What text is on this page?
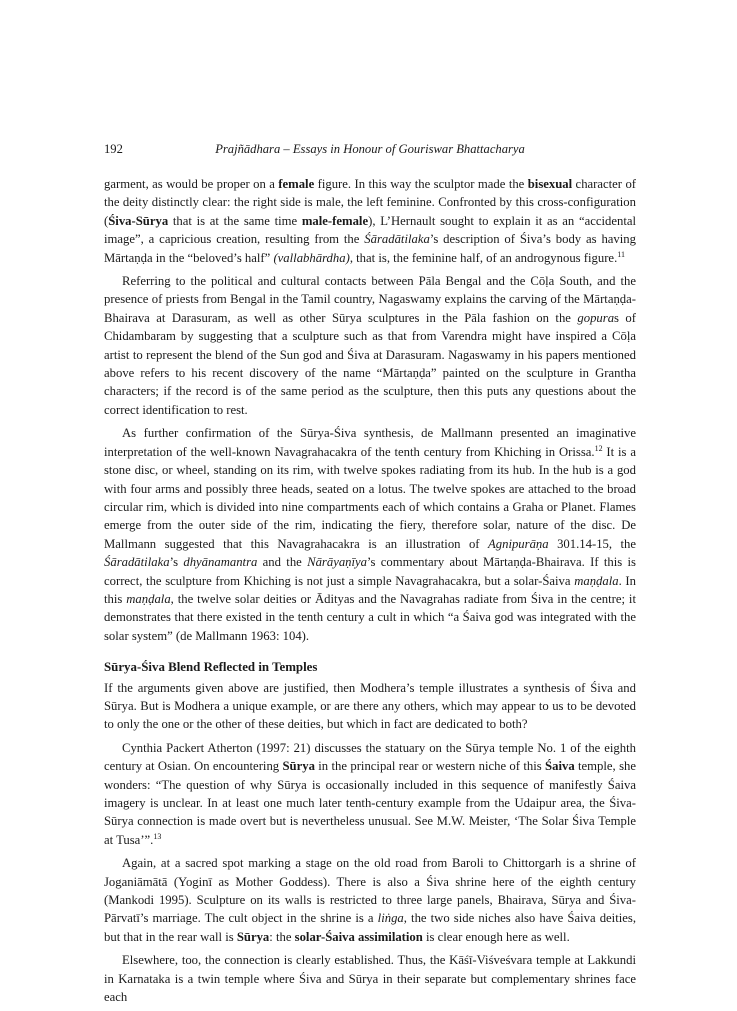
192	Prajñādhara – Essays in Honour of Gouriswar Bhattacharya

garment, as would be proper on a female figure. In this way the sculptor made the bisexual character of the deity distinctly clear: the right side is male, the left feminine. Confronted by this cross-configuration (Śiva-Sūrya that is at the same time male-female), L’Hernault sought to explain it as an “accidental image”, a capricious creation, resulting from the Śāradātilaka’s description of Śiva’s body as having Mārtaṇḍa in the “beloved’s half” (vallabhārdha), that is, the feminine half, of an androgynous figure.$^{11}$

Referring to the political and cultural contacts between Pāla Bengal and the Cōḷa South, and the presence of priests from Bengal in the Tamil country, Nagaswamy explains the carving of the Mārtaṇḍa-Bhairava at Darasuram, as well as other Sūrya sculptures in the Pāla fashion on the gopuras of Chidambaram by suggesting that a sculpture such as that from Varendra might have inspired a Cōḷa artist to represent the blend of the Sun god and Śiva at Darasuram. Nagaswamy in his papers mentioned above refers to his recent discovery of the name “Mārtaṇḍa” painted on the sculpture in Grantha characters; if the record is of the same period as the sculpture, then this puts any questions about the correct identification to rest.

As further confirmation of the Sūrya-Śiva synthesis, de Mallmann presented an imaginative interpretation of the well-known Navagrahacakra of the tenth century from Khiching in Orissa.$^{12}$ It is a stone disc, or wheel, standing on its rim, with twelve spokes radiating from its hub. In the hub is a god with four arms and possibly three heads, seated on a lotus. The twelve spokes are attached to the broad circular rim, which is divided into nine compartments each of which contains a Graha or Planet. Flames emerge from the outer side of the rim, indicating the fiery, therefore solar, nature of the disc. De Mallmann suggested that this Navagrahacakra is an illustration of Agnipurāṇa 301.14-15, the Śāradātilaka’s dhyānamantra and the Nārāyaṇīya’s commentary about Mārtaṇḍa-Bhairava. If this is correct, the sculpture from Khiching is not just a simple Navagrahacakra, but a solar-Śaiva maṇḍala. In this maṇḍala, the twelve solar deities or Ādityas and the Navagrahas radiate from Śiva in the centre; it demonstrates that there existed in the tenth century a cult in which “a Śaiva god was integrated with the solar system” (de Mallmann 1963: 104).

Sūrya-Śiva Blend Reflected in Temples

If the arguments given above are justified, then Modhera’s temple illustrates a synthesis of Śiva and Sūrya. But is Modhera a unique example, or are there any others, which may appear to us to be devoted to only the one or the other of these deities, but which in fact are dedicated to both?

Cynthia Packert Atherton (1997: 21) discusses the statuary on the Sūrya temple No. 1 of the eighth century at Osian. On encountering Sūrya in the principal rear or western niche of this Śaiva temple, she wonders: “The question of why Sūrya is occasionally included in this sequence of manifestly Śaiva imagery is unclear. In at least one much later tenth-century example from the Udaipur area, the Śiva-Sūrya connection is made overt but is nevertheless unusual. See M.W. Meister, ‘The Solar Śiva Temple at Tusa’”.$^{13}$

Again, at a sacred spot marking a stage on the old road from Baroli to Chittorgarh is a shrine of Joganiāmātā (Yoginī as Mother Goddess). There is also a Śiva shrine here of the eighth century (Mankodi 1995). Sculpture on its walls is restricted to three large panels, Bhairava, Sūrya and Śiva-Pārvatī’s marriage. The cult object in the shrine is a liṅga, the two side niches also have Śaiva deities, but that in the rear wall is Sūrya: the solar-Śaiva assimilation is clear enough here as well.

Elsewhere, too, the connection is clearly established. Thus, the Kāśī-Viśveśvara temple at Lakkundi in Karnataka is a twin temple where Śiva and Sūrya in their separate but complementary shrines face each
